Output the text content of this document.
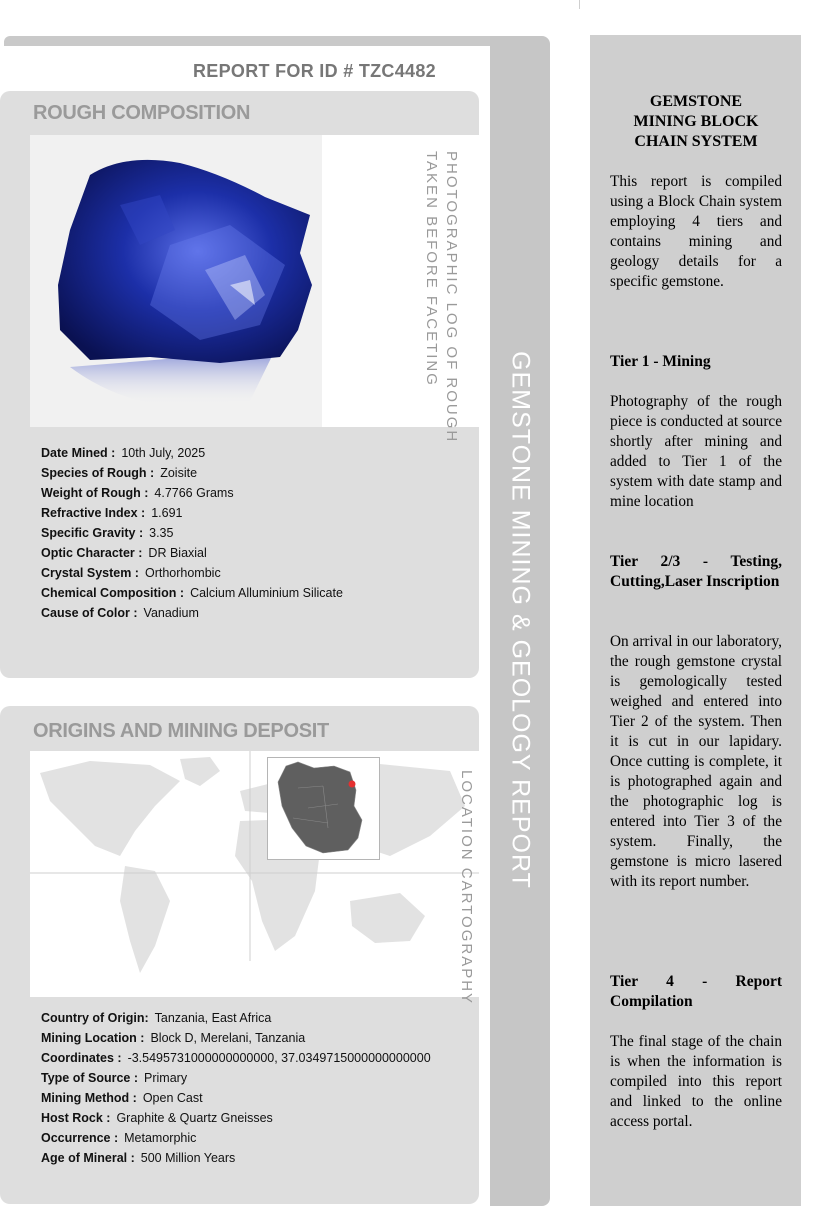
GEMSTONE MINING & GEOLOGY REPORT
REPORT FOR ID # TZC4482
ROUGH COMPOSITION
PHOTOGRAPHIC LOG OF ROUGH
TAKEN BEFORE FACETING
Date Mined : 10th July, 2025
Species of Rough : Zoisite
Weight of Rough : 4.7766 Grams
Refractive Index : 1.691
Specific Gravity : 3.35
Optic Character : DR Biaxial
Crystal System : Orthorhombic
Chemical Composition : Calcium Alluminium Silicate
Cause of Color : Vanadium
ORIGINS AND MINING DEPOSIT
LOCATION CARTOGRAPHY
Country of Origin: Tanzania, East Africa
Mining Location : Block D, Merelani, Tanzania
Coordinates : -3.5495731000000000000, 37.0349715000000000000
Type of Source : Primary
Mining Method : Open Cast
Host Rock : Graphite & Quartz Gneisses
Occurrence : Metamorphic
Age of Mineral : 500 Million Years
GEMSTONE
MINING BLOCK
CHAIN SYSTEM

This report is compiled using a Block Chain system employing 4 tiers and contains mining and geology details for a specific gemstone.

Tier 1 - Mining

Photography of the rough piece is conducted at source shortly after mining and added to Tier 1 of the system with date stamp and mine location

Tier 2/3 - Testing, Cutting,Laser Inscription

On arrival in our laboratory, the rough gemstone crystal is gemologically tested weighed and entered into Tier 2 of the system. Then it is cut in our lapidary. Once cutting is complete, it is photographed again and the photographic log is entered into Tier 3 of the system. Finally, the gemstone is micro lasered with its report number.

Tier 4 - Report Compilation

The final stage of the chain is when the information is compiled into this report and linked to the online access portal.
